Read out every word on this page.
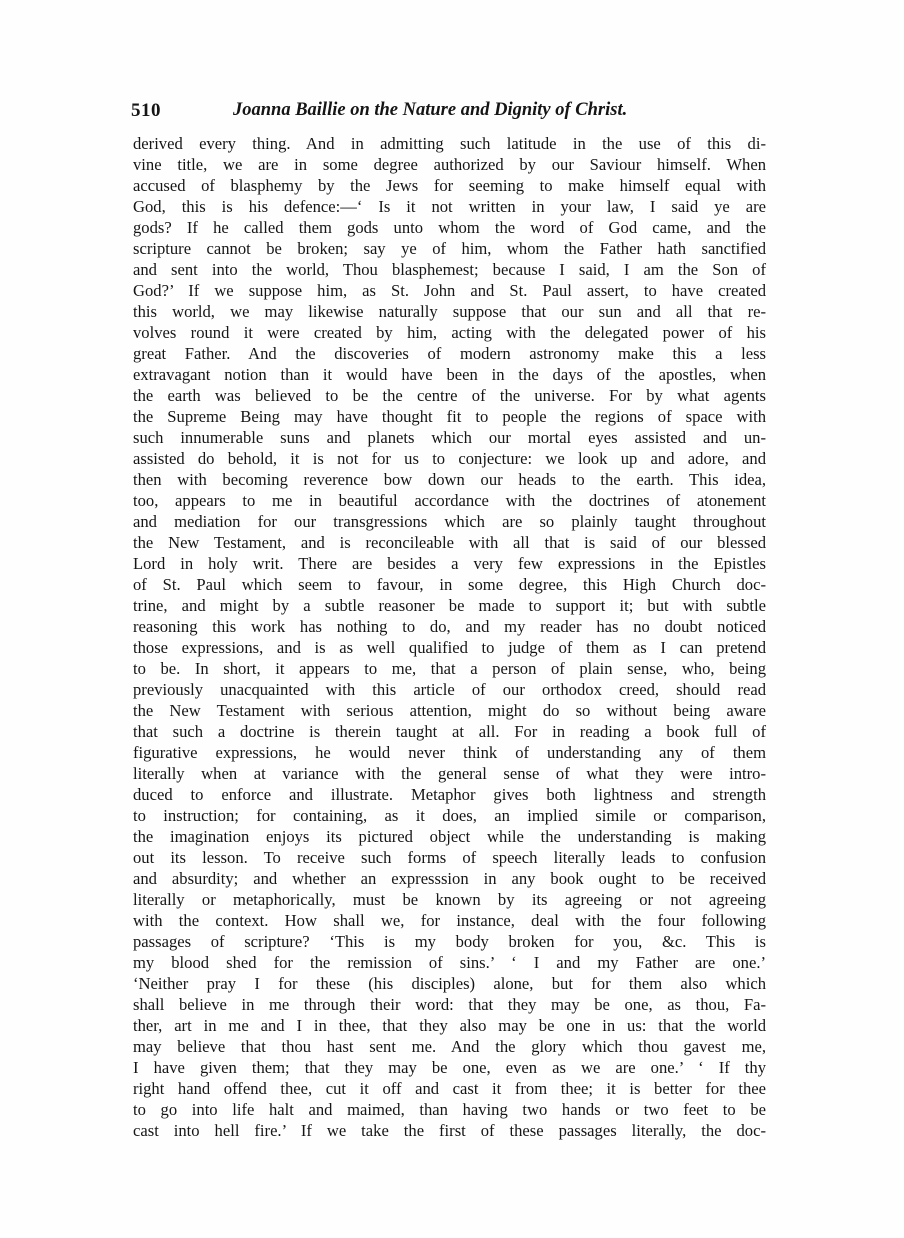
510	Joanna Baillie on the Nature and Dignity of Christ.
derived every thing. And in admitting such latitude in the use of this di-
vine title, we are in some degree authorized by our Saviour himself. When
accused of blasphemy by the Jews for seeming to make himself equal with
God, this is his defence:—‘ Is it not written in your law, I said ye are
gods? If he called them gods unto whom the word of God came, and the
scripture cannot be broken; say ye of him, whom the Father hath sanctified
and sent into the world, Thou blasphemest; because I said, I am the Son of
God?’ If we suppose him, as St. John and St. Paul assert, to have created
this world, we may likewise naturally suppose that our sun and all that re-
volves round it were created by him, acting with the delegated power of his
great Father. And the discoveries of modern astronomy make this a less
extravagant notion than it would have been in the days of the apostles, when
the earth was believed to be the centre of the universe. For by what agents
the Supreme Being may have thought fit to people the regions of space with
such innumerable suns and planets which our mortal eyes assisted and un-
assisted do behold, it is not for us to conjecture: we look up and adore, and
then with becoming reverence bow down our heads to the earth. This idea,
too, appears to me in beautiful accordance with the doctrines of atonement
and mediation for our transgressions which are so plainly taught throughout
the New Testament, and is reconcileable with all that is said of our blessed
Lord in holy writ. There are besides a very few expressions in the Epistles
of St. Paul which seem to favour, in some degree, this High Church doc-
trine, and might by a subtle reasoner be made to support it; but with subtle
reasoning this work has nothing to do, and my reader has no doubt noticed
those expressions, and is as well qualified to judge of them as I can pretend
to be. In short, it appears to me, that a person of plain sense, who, being
previously unacquainted with this article of our orthodox creed, should read
the New Testament with serious attention, might do so without being aware
that such a doctrine is therein taught at all. For in reading a book full of
figurative expressions, he would never think of understanding any of them
literally when at variance with the general sense of what they were intro-
duced to enforce and illustrate. Metaphor gives both lightness and strength
to instruction; for containing, as it does, an implied simile or comparison,
the imagination enjoys its pictured object while the understanding is making
out its lesson. To receive such forms of speech literally leads to confusion
and absurdity; and whether an expresssion in any book ought to be received
literally or metaphorically, must be known by its agreeing or not agreeing
with the context. How shall we, for instance, deal with the four following
passages of scripture? ‘This is my body broken for you, &c. This is
my blood shed for the remission of sins.’ ‘ I and my Father are one.’
‘Neither pray I for these (his disciples) alone, but for them also which
shall believe in me through their word: that they may be one, as thou, Fa-
ther, art in me and I in thee, that they also may be one in us: that the world
may believe that thou hast sent me. And the glory which thou gavest me,
I have given them; that they may be one, even as we are one.’ ‘ If thy
right hand offend thee, cut it off and cast it from thee; it is better for thee
to go into life halt and maimed, than having two hands or two feet to be
cast into hell fire.’ If we take the first of these passages literally, the doc-
